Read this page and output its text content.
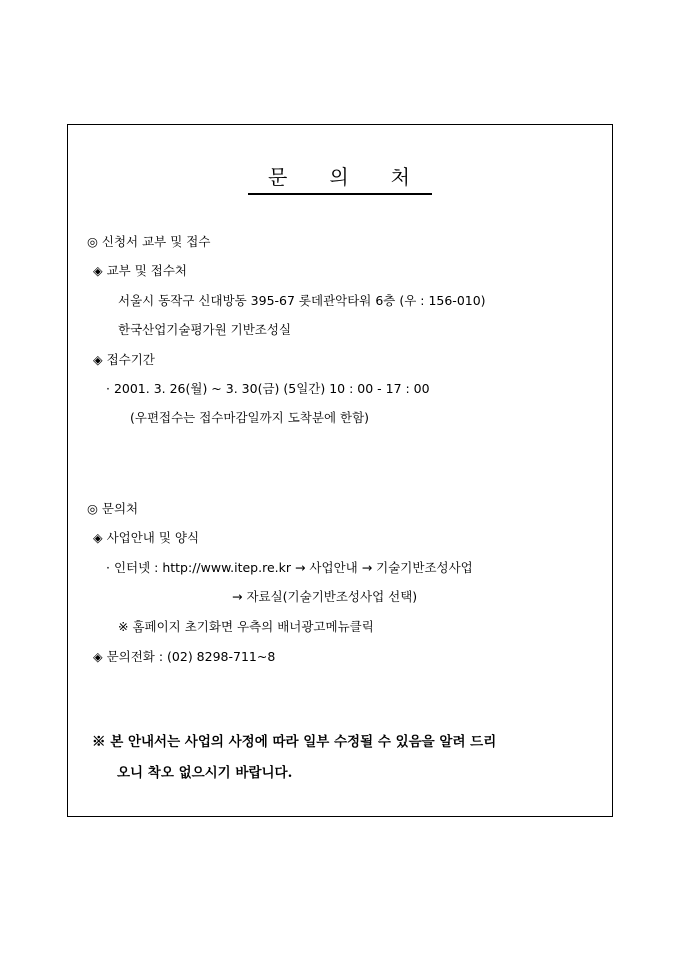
문 의 처
◎ 신청서 교부 및 접수
◈ 교부 및 접수처
서울시 동작구 신대방동 395-67 롯데관악타워 6층 (우 : 156-010)
한국산업기술평가원 기반조성실
◈ 접수기간
· 2001. 3. 26(월) ~ 3. 30(금) (5일간) 10 : 00 - 17 : 00
(우편접수는 접수마감일까지 도착분에 한함)
◎ 문의처
◈ 사업안내 및 양식
· 인터넷 : http://www.itep.re.kr → 사업안내 → 기술기반조성사업
→ 자료실(기술기반조성사업 선택)
※ 홈페이지 초기화면 우측의 배너광고메뉴클릭
◈ 문의전화 : (02) 8298-711~8
※ 본 안내서는 사업의 사정에 따라 일부 수정될 수 있음을 알려 드리
오니 착오 없으시기 바랍니다.
